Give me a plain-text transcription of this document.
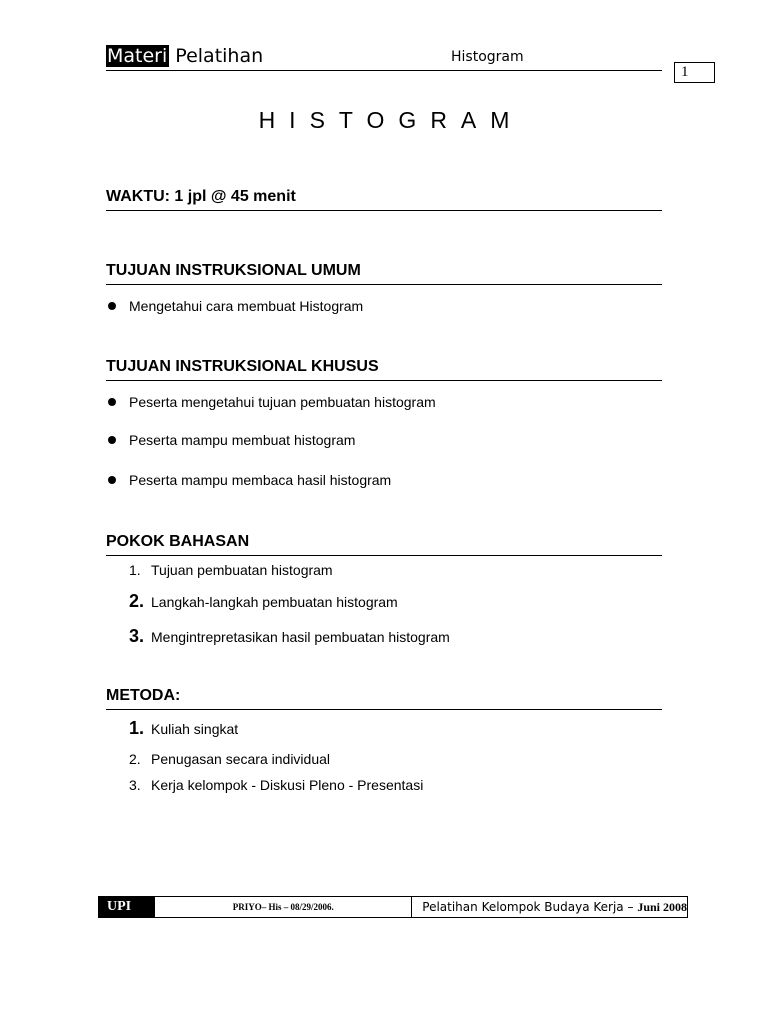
Materi Pelatihan	Histogram
1
HISTOGRAM
WAKTU: 1 jpl @ 45 menit
TUJUAN INSTRUKSIONAL UMUM
Mengetahui cara membuat Histogram
TUJUAN INSTRUKSIONAL KHUSUS
Peserta mengetahui tujuan pembuatan histogram
Peserta mampu membuat histogram
Peserta mampu membaca hasil histogram
POKOK BAHASAN
1. Tujuan pembuatan histogram
2. Langkah-langkah pembuatan histogram
3. Mengintrepretasikan hasil pembuatan histogram
METODA:
1. Kuliah singkat
2. Penugasan secara individual
3. Kerja kelompok - Diskusi Pleno - Presentasi
UPI	PRIYO– His – 08/29/2006.	Pelatihan Kelompok Budaya Kerja – Juni 2008
